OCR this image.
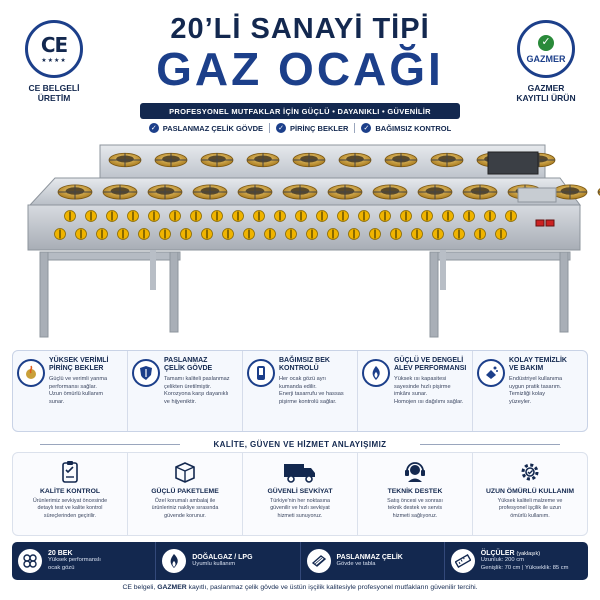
CE
★★★★
CE BELGELİ
ÜRETİM
✓
GAZMER
GAZMER
KAYITLI ÜRÜN
20’Lİ SANAYİ TİPİ
GAZ OCAĞI
PROFESYONEL MUTFAKLAR İÇİN GÜÇLÜ • DAYANIKLI • GÜVENİLİR
✓ PASLANMAZ ÇELİK GÖVDE ✓ PİRİNÇ BEKLER ✓ BAĞIMSIZ KONTROL
YÜKSEK VERİMLİ
PİRİNÇ BEKLER
Güçlü ve verimli yanma
performansı sağlar.
Uzun ömürlü kullanım
sunar.
PASLANMAZ
ÇELİK GÖVDE
Tamamı kaliteli paslanmaz
çelikten üretilmiştir.
Korozyona karşı dayanıklı
ve hijyeniktir.
BAĞIMSIZ BEK
KONTROLÜ
Her ocak gözü ayrı
kumanda edilir.
Enerji tasarrufu ve hassas
pişirme kontrolü sağlar.
GÜÇLÜ VE DENGELİ
ALEV PERFORMANSI
Yüksek ısı kapasitesi
sayesinde hızlı pişirme
imkânı sunar.
Homojen ısı dağılımı sağlar.
KOLAY TEMİZLİK
VE BAKIM
Endüstriyel kullanıma
uygun pratik tasarım.
Temizliği kolay
yüzeyler.
KALİTE, GÜVEN VE HİZMET ANLAYIŞIMIZ
KALİTE KONTROL
Ürünlerimiz sevkiyat öncesinde
detaylı test ve kalite kontrol
süreçlerinden geçirilir.
GÜÇLÜ PAKETLEME
Özel korumalı ambalaj ile
ürünleriniz nakliye sırasında
güvende korunur.
GÜVENLİ SEVKİYAT
Türkiye'nin her noktasına
güvenilir ve hızlı sevkiyat
hizmeti sunuyoruz.
TEKNİK DESTEK
Satış öncesi ve sonrası
teknik destek ve servis
hizmeti sağlıyoruz.
UZUN ÖMÜRLÜ KULLANIM
Yüksek kaliteli malzeme ve
profesyonel işçilik ile uzun
ömürlü kullanım.
20 BEK
Yüksek performanslı
ocak gözü
DOĞALGAZ / LPG
Uyumlu kullanım
PASLANMAZ ÇELİK
Gövde ve tabla
ÖLÇÜLER (yaklaşık)
Uzunluk: 200 cm
Genişlik: 70 cm | Yükseklik: 85 cm
CE belgeli, GAZMER kayıtlı, paslanmaz çelik gövde ve üstün işçilik kalitesiyle profesyonel mutfakların güvenilir tercihi.
